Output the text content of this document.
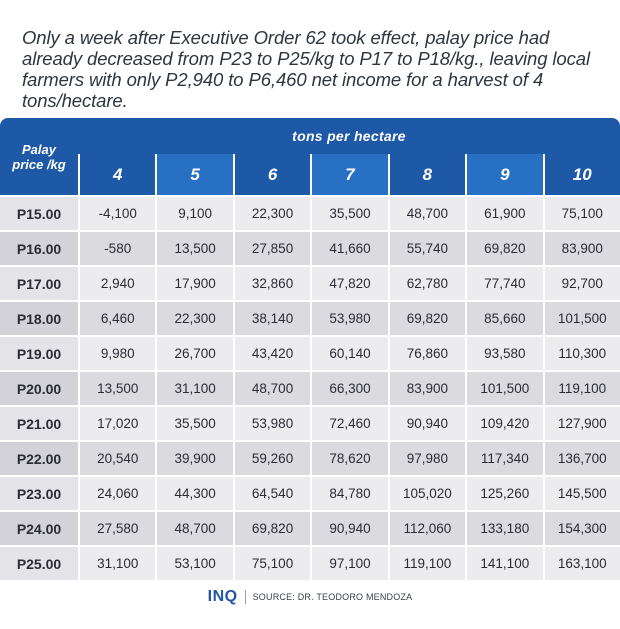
Only a week after Executive Order 62 took effect, palay price had already decreased from P23 to P25/kg to P17 to P18/kg., leaving local farmers with only P2,940 to P6,460 net income for a harvest of 4 tons/hectare.
Palay
price /kg	tons per hectare						
	4	5	6	7	8	9	10
P15.00	-4,100	9,100	22,300	35,500	48,700	61,900	75,100
P16.00	-580	13,500	27,850	41,660	55,740	69,820	83,900
P17.00	2,940	17,900	32,860	47,820	62,780	77,740	92,700
P18.00	6,460	22,300	38,140	53,980	69,820	85,660	101,500
P19.00	9,980	26,700	43,420	60,140	76,860	93,580	110,300
P20.00	13,500	31,100	48,700	66,300	83,900	101,500	119,100
P21.00	17,020	35,500	53,980	72,460	90,940	109,420	127,900
P22.00	20,540	39,900	59,260	78,620	97,980	117,340	136,700
P23.00	24,060	44,300	64,540	84,780	105,020	125,260	145,500
P24.00	27,580	48,700	69,820	90,940	112,060	133,180	154,300
P25.00	31,100	53,100	75,100	97,100	119,100	141,100	163,100
INQ SOURCE: DR. TEODORO MENDOZA
